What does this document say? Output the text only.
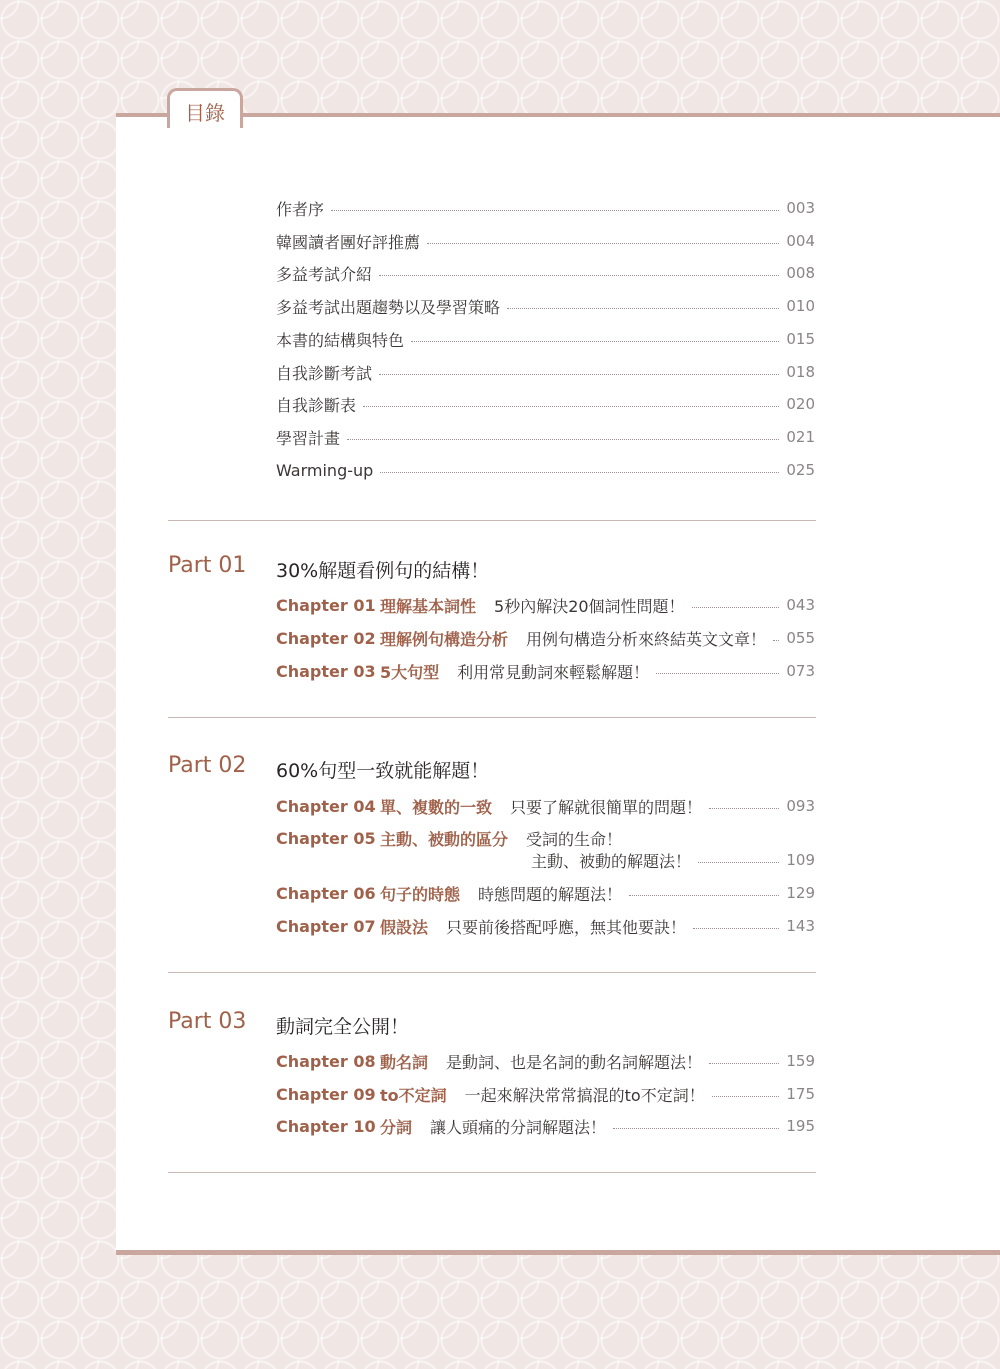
目錄
作者序	003
韓國讀者團好評推薦	004
多益考試介紹	008
多益考試出題趨勢以及學習策略	010
本書的結構與特色	015
自我診斷考試	018
自我診斷表	020
學習計畫	021
Warming-up	025
Part 01 30%解題看例句的結構！
Chapter 01 理解基本詞性 5秒內解決20個詞性問題！	043
Chapter 02 理解例句構造分析 用例句構造分析來終結英文文章！ 055
Chapter 03 5大句型 利用常見動詞來輕鬆解題！	073
Part 02 60%句型一致就能解題！
Chapter 04 單、複數的一致 只要了解就很簡單的問題！	093
Chapter 05 主動、被動的區分 受詞的生命！
主動、被動的解題法！	109
Chapter 06 句子的時態 時態問題的解題法！	129
Chapter 07 假設法 只要前後搭配呼應，無其他要訣！	143
Part 03 動詞完全公開！
Chapter 08 動名詞 是動詞、也是名詞的動名詞解題法！	159
Chapter 09 to不定詞 一起來解決常常搞混的to不定詞！	175
Chapter 10 分詞 讓人頭痛的分詞解題法！	195
